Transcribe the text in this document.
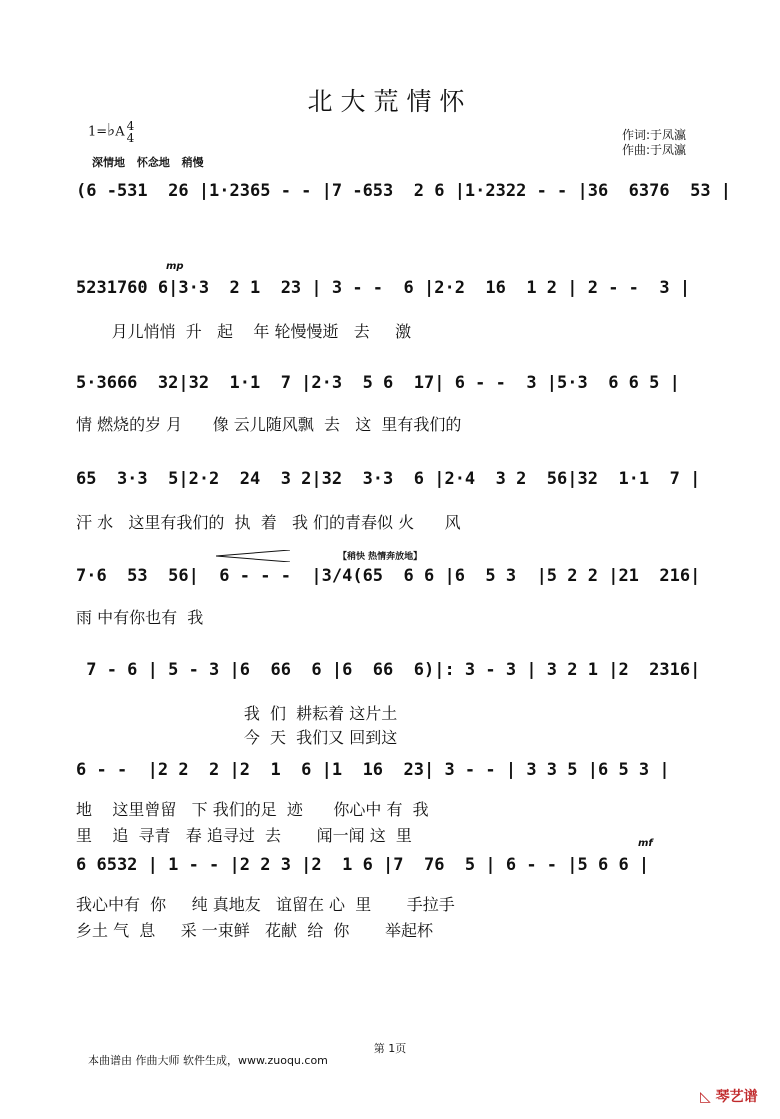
北大荒情怀
1=♭A 4
4
深情地 怀念地 稍慢
作词:于凤瀛
作曲:于凤瀛
(6 -531  26 |1·2365 - - |7 -653  2 6 |1·2322 - - |36  6376  53 |
mp
5231760 6|3·3  2 1  23 | 3 - -  6 |2·2  16  1 2 | 2 - -  3 |
月儿悄悄  升   起    年 轮慢慢逝   去     激
5·3666  32|32  1·1  7 |2·3  5 6  17| 6 - -  3 |5·3  6 6 5 |
情 燃烧的岁 月      像 云儿随风飘  去   这  里有我们的
65  3·3  5|2·2  24  3 2|32  3·3  6 |2·4  3 2  56|32  1·1  7 |
汗 水   这里有我们的  执  着   我 们的青春似 火      风
【稍快 热情奔放地】
7·6  53  56|  6 - - -  |3/4(65  6 6 |6  5 3  |5 2 2 |21  216|
雨 中有你也有  我
7 - 6 | 5 - 3 |6  66  6 |6  66  6)|: 3 - 3 | 3 2 1 |2  2316|
我  们  耕耘着 这片土
今  天  我们又 回到这
6 - -  |2 2  2 |2  1  6 |1  16  23| 3 - - | 3 3 5 |6 5 3 |
地    这里曾留   下 我们的足  迹      你心中 有  我
里    追  寻青   春 追寻过  去       闻一闻 这  里	mf
6 6532 | 1 - - |2 2 3 |2  1 6 |7  76  5 | 6 - - |5 6 6 |
我心中有  你     纯 真地友   谊留在 心  里       手拉手
乡土 气  息     采 一束鲜   花献  给  你       举起杯
第 1页
本曲谱由 作曲大师 软件生成，www.zuoqu.com
◺ 琴艺谱
